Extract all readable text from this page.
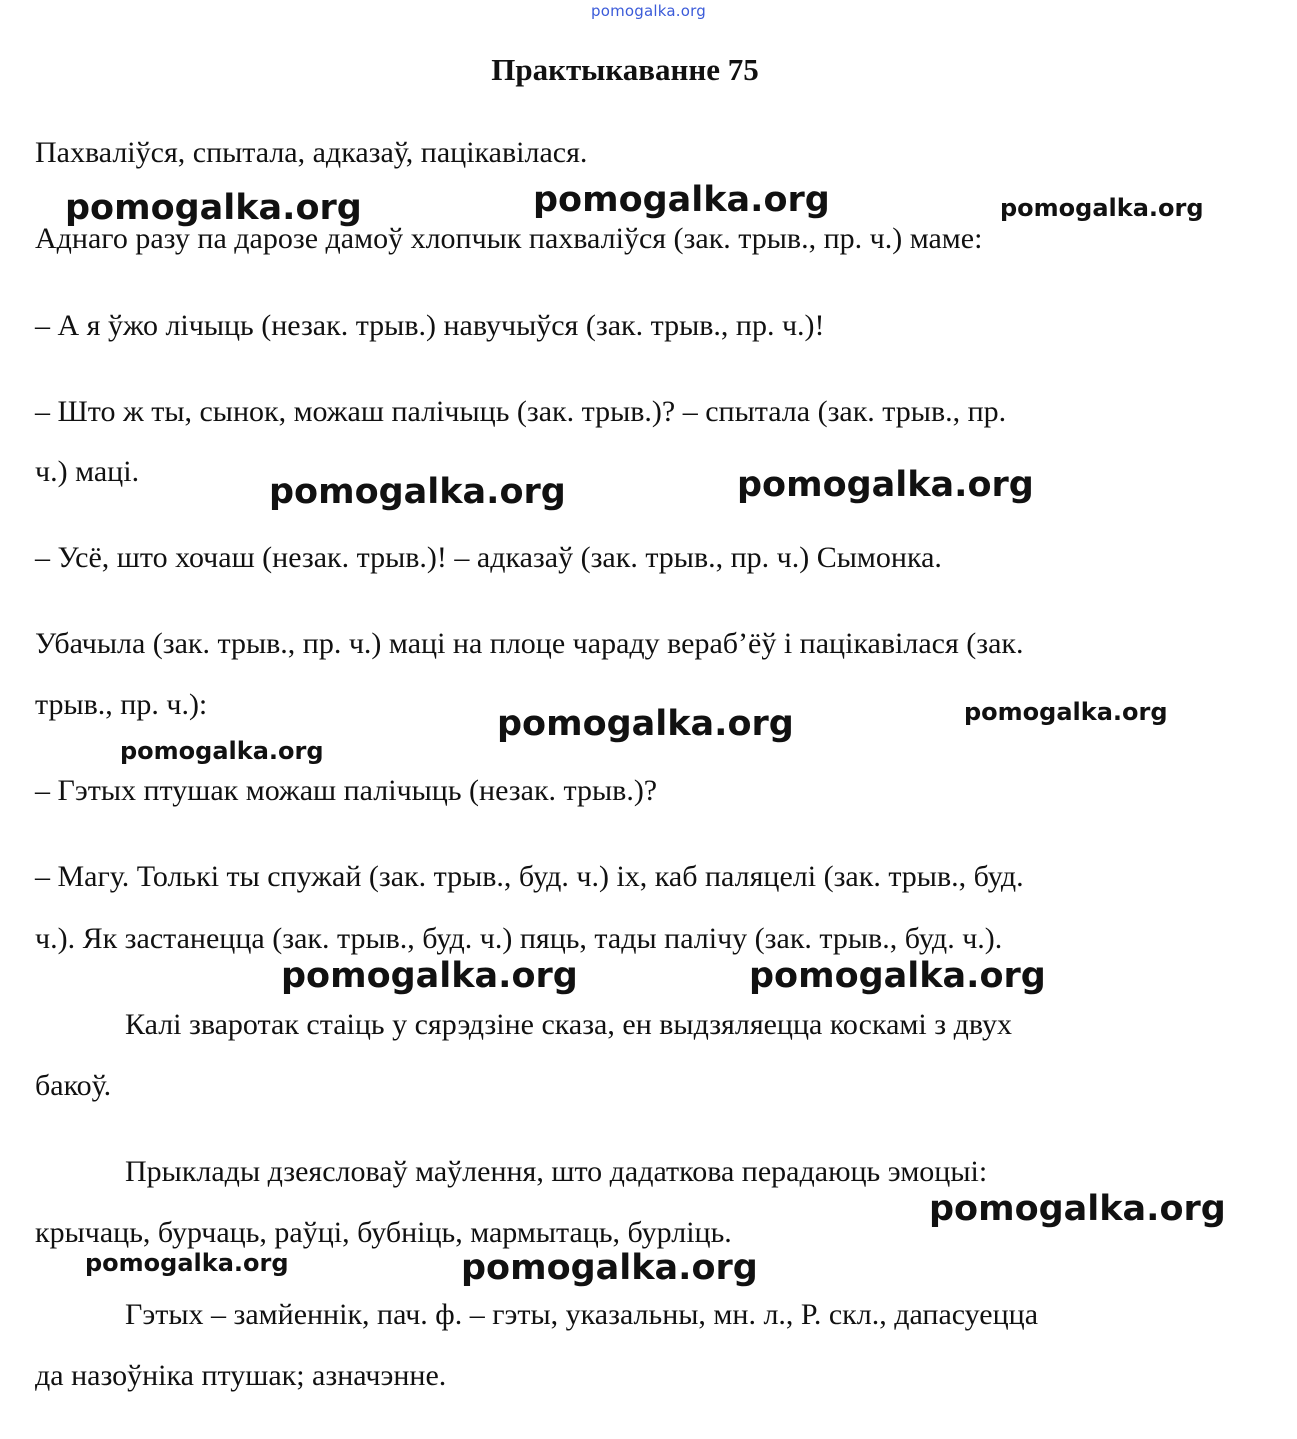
pomogalka.org
Практыкаванне 75
Пахваліўся, спытала, адказаў, пацікавілася.
Аднаго разу па дарозе дамоў хлопчык пахваліўся (зак. трыв., пр. ч.) маме:
– А я ўжо лічыць (незак. трыв.) навучыўся (зак. трыв., пр. ч.)!
– Што ж ты, сынок, можаш палічыць (зак. трыв.)? – спытала (зак. трыв., пр.
ч.) маці.
– Усё, што хочаш (незак. трыв.)! – адказаў (зак. трыв., пр. ч.) Сымонка.
Убачыла (зак. трыв., пр. ч.) маці на плоце чараду вераб’ёў і пацікавілася (зак.
трыв., пр. ч.):
– Гэтых птушак можаш палічыць (незак. трыв.)?
– Магу. Толькі ты спужай (зак. трыв., буд. ч.) іх, каб паляцелі (зак. трыв., буд.
ч.). Як застанецца (зак. трыв., буд. ч.) пяць, тады палічу (зак. трыв., буд. ч.).
Калі зваротак стаіць у сярэдзіне сказа, ен выдзяляецца коскамі з двух
бакоў.
Прыклады дзеясловаў маўлення, што дадаткова перадаюць эмоцыі:
крычаць, бурчаць, раўці, бубніць, мармытаць, бурліць.
Гэтых – замйеннік, пач. ф. – гэты, указальны, мн. л., Р. скл., дапасуецца
да назоўніка птушак; азначэнне.
pomogalka.org	pomogalka.org	pomogalka.org
pomogalka.org	pomogalka.org
pomogalka.org	pomogalka.org
pomogalka.org
pomogalka.org	pomogalka.org
pomogalka.org
pomogalka.org	pomogalka.org
